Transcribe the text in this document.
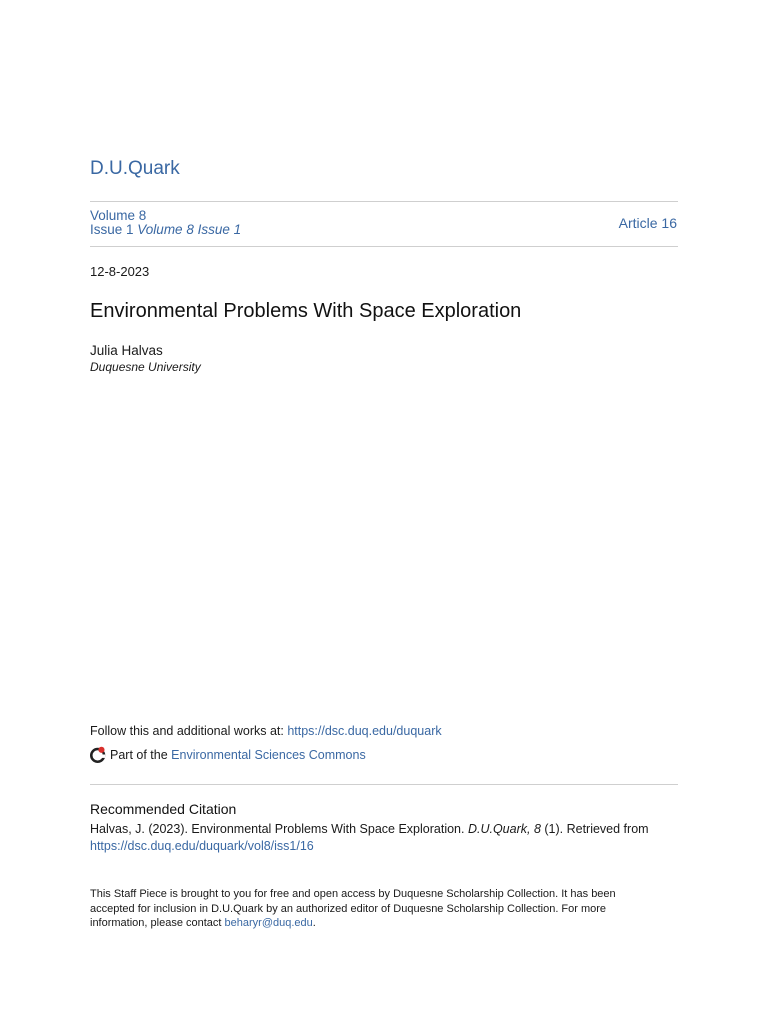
D.U.Quark
Volume 8
Issue 1 Volume 8 Issue 1	Article 16
12-8-2023
Environmental Problems With Space Exploration
Julia Halvas
Duquesne University
Follow this and additional works at: https://dsc.duq.edu/duquark
Part of the
Environmental Sciences Commons
Recommended Citation
Halvas, J. (2023). Environmental Problems With Space Exploration. D.U.Quark, 8 (1). Retrieved from
https://dsc.duq.edu/duquark/vol8/iss1/16
This Staff Piece is brought to you for free and open access by Duquesne Scholarship Collection. It has been accepted for inclusion in D.U.Quark by an authorized editor of Duquesne Scholarship Collection. For more information, please contact beharyr@duq.edu.
